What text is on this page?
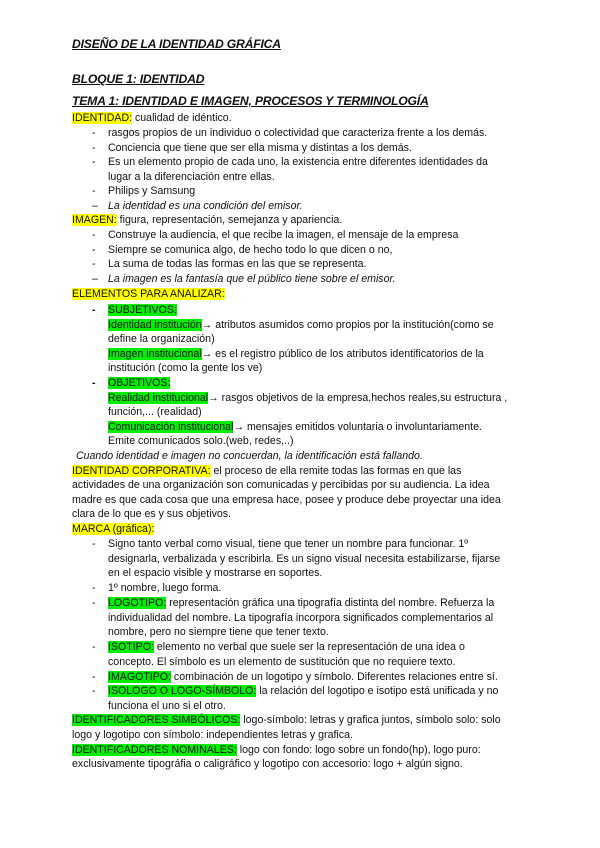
DISEÑO DE LA IDENTIDAD GRÁFICA
BLOQUE 1: IDENTIDAD
TEMA 1: IDENTIDAD E IMAGEN, PROCESOS Y TERMINOLOGÍA
IDENTIDAD: cualidad de idéntico.
- rasgos propios de un individuo o colectividad que caracteriza frente a los demás.
- Conciencia que tiene que ser ella misma y distintas a los demás.
- Es un elemento propio de cada uno, la existencia entre diferentes identidades da
lugar a la diferenciación entre ellas.
- Philips y Samsung
– La identidad es una condición del emisor.
IMAGEN: figura, representación, semejanza y apariencia.
- Construye la audiencia, el que recibe la imagen, el mensaje de la empresa
- Siempre se comunica algo, de hecho todo lo que dicen o no,
- La suma de todas las formas en las que se representa.
– La imagen es la fantasía que el público tiene sobre el emisor.
ELEMENTOS PARA ANALIZAR:
- SUBJETIVOS:
Identidad institución→ atributos asumidos como propios por la institución(como se
define la organización)
Imagen institucional→ es el registro público de los atributos identificatorios de la
institución (como la gente los ve)
- OBJETIVOS:
Realidad institucional→ rasgos objetivos de la empresa,hechos reales,su estructura ,
función,... (realidad)
Comunicación institucional→ mensajes emitidos voluntaria o involuntariamente.
Emite comunicados solo.(web, redes,..)
Cuando identidad e imagen no concuerdan, la identificación está fallando.
IDENTIDAD CORPORATIVA: el proceso de ella remite todas las formas en que las
actividades de una organización son comunicadas y percibidas por su audiencia. La idea
madre es que cada cosa que una empresa hace, posee y produce debe proyectar una idea
clara de lo que es y sus objetivos.
MARCA (gráfica):
- Signo tanto verbal como visual, tiene que tener un nombre para funcionar. 1º
designarla, verbalizada y escribirla. Es un signo visual necesita estabilizarse, fijarse
en el espacio visible y mostrarse en soportes.
- 1º nombre, luego forma.
- LOGOTIPO: representación gráfica una tipografía distinta del nombre. Refuerza la
individualidad del nombre. La tipografía incorpora significados complementarios al
nombre, pero no siempre tiene que tener texto.
- ISOTIPO: elemento no verbal que suele ser la representación de una idea o
concepto. El símbolo es un elemento de sustitución que no requiere texto.
- IMAGOTIPO: combinación de un logotipo y símbolo. Diferentes relaciones entre sí.
- ISOLOGO O LOGO-SÍMBOLO: la relación del logotipo e isotipo está unificada y no
funciona el uno si el otro.
IDENTIFICADORES SIMBÓLICOS: logo-símbolo: letras y grafica juntos, símbolo solo: solo
logo y logotipo con símbolo: independientes letras y grafica.
IDENTIFICADORES NOMINALES: logo con fondo: logo sobre un fondo(hp), logo puro:
exclusivamente tipográfia o caligráfico y logotipo con accesorio: logo + algún signo.
